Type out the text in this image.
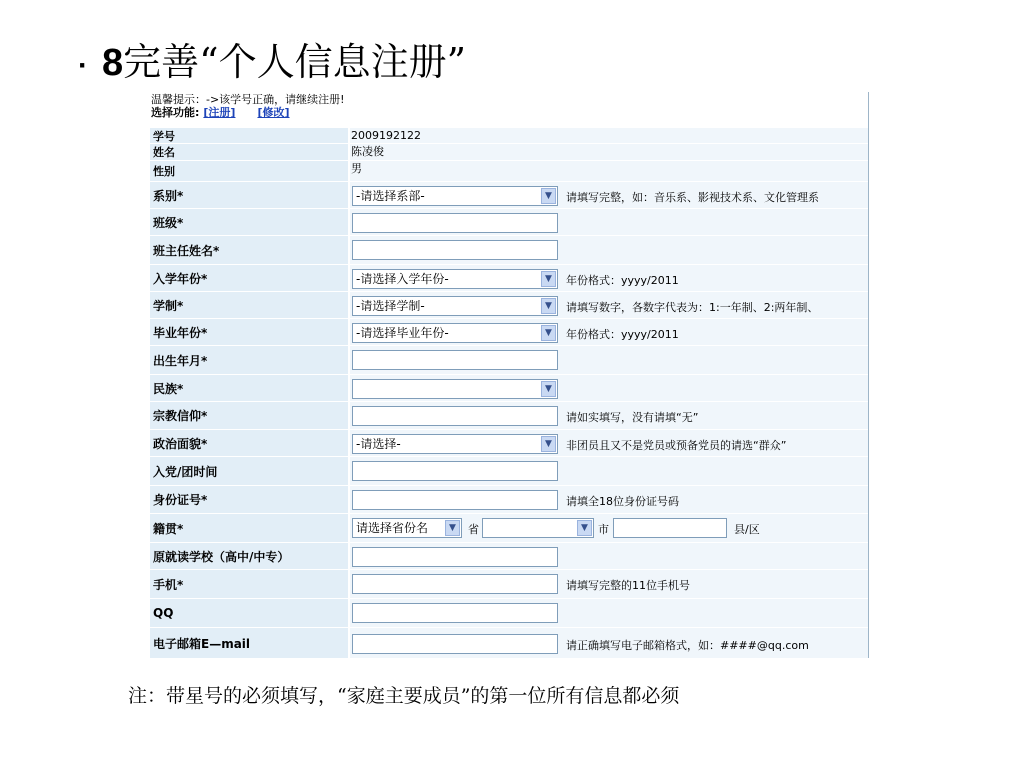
· 8完善“个人信息注册”
温馨提示：->该学号正确，请继续注册!
选择功能: [注册] [修改]
学号	2009192122
姓名	陈凌俊
性别	男
系别*	-请选择系部-	▼	请填写完整，如：音乐系、影视技术系、文化管理系
班级*
班主任姓名*
入学年份*	-请选择入学年份-	▼	年份格式：yyyy/2011
学制*	-请选择学制-	▼	请填写数字，各数字代表为：1:一年制、2:两年制、
毕业年份*	-请选择毕业年份-	▼	年份格式：yyyy/2011
出生年月*
民族*	▼
宗教信仰*	请如实填写，没有请填“无”
政治面貌*	-请选择-	▼	非团员且又不是党员或预备党员的请选“群众”
入党/团时间
身份证号*	请填全18位身份证号码
籍贯*	请选择省份名	▼	省	▼ 市	县/区
原就读学校（高中/中专）
手机*	请填写完整的11位手机号
QQ
电子邮箱E—mail	请正确填写电子邮箱格式，如：####@qq.com
注：带星号的必须填写，“家庭主要成员”的第一位所有信息都必须
